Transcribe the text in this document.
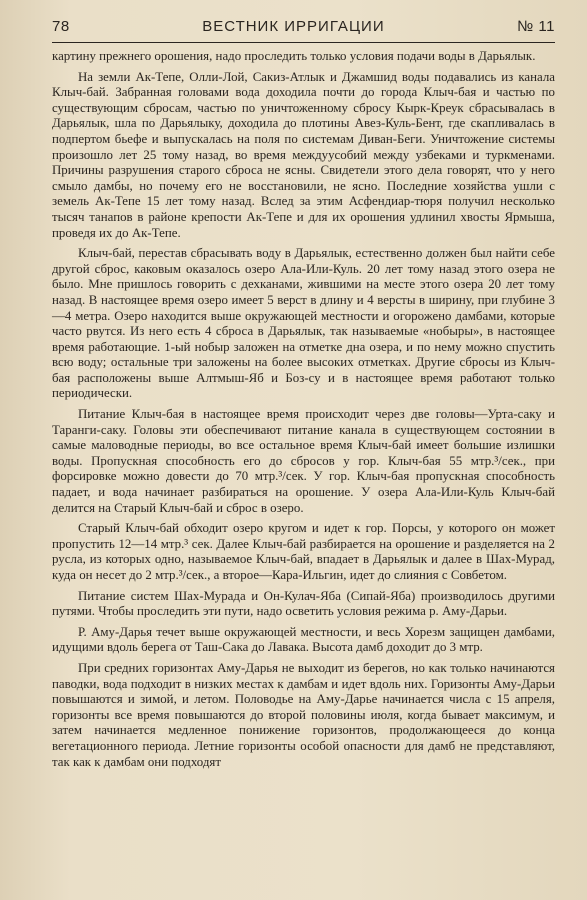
78	ВЕСТНИК ИРРИГАЦИИ	№ 11

картину прежнего орошения, надо проследить только условия подачи воды в Дарьялык.

На земли Ак-Тепе, Олли-Лой, Сакиз-Атлык и Джамшид воды подавались из канала Клыч-бай. Забранная головами вода доходила почти до города Клыч-бая и частью по существующим сбросам, частью по уничтоженному сбросу Кырк-Креук сбрасывалась в Дарьялык, шла по Дарьялыку, доходила до плотины Авез-Куль-Бент, где скапливалась в подпертом бьефе и выпускалась на поля по системам Диван-Беги. Уничтожение системы произошло лет 25 тому назад, во время междуусобий между узбеками и туркменами. Причины разрушения старого сброса не ясны. Свидетели этого дела говорят, что у него смыло дамбы, но почему его не восстановили, не ясно. Последние хозяйства ушли с земель Ак-Тепе 15 лет тому назад. Вслед за этим Асфендиар-тюря получил несколько тысяч танапов в районе крепости Ак-Тепе и для их орошения удлинил хвосты Ярмыша, проведя их до Ак-Тепе.

Клыч-бай, перестав сбрасывать воду в Дарьялык, естественно должен был найти себе другой сброс, каковым оказалось озеро Ала-Или-Куль. 20 лет тому назад этого озера не было. Мне пришлось говорить с дехканами, жившими на месте этого озера 20 лет тому назад. В настоящее время озеро имеет 5 верст в длину и 4 версты в ширину, при глубине 3—4 метра. Озеро находится выше окружающей местности и огорожено дамбами, которые часто рвутся. Из него есть 4 сброса в Дарьялык, так называемые «нобыры», в настоящее время работающие. 1-ый нобыр заложен на отметке дна озера, и по нему можно спустить всю воду; остальные три заложены на более высоких отметках. Другие сбросы из Клыч-бая расположены выше Алтмыш-Яб и Боз-су и в настоящее время работают только периодически.

Питание Клыч-бая в настоящее время происходит через две головы—Урта-саку и Таранги-саку. Головы эти обеспечивают питание канала в существующем состоянии в самые маловодные периоды, во все остальное время Клыч-бай имеет большие излишки воды. Пропускная способность его до сбросов у гор. Клыч-бая 55 мтр.³/сек., при форсировке можно довести до 70 мтр.³/сек. У гор. Клыч-бая пропускная способность падает, и вода начинает разбираться на орошение. У озера Ала-Или-Куль Клыч-бай делится на Старый Клыч-бай и сброс в озеро.

Старый Клыч-бай обходит озеро кругом и идет к гор. Порсы, у которого он может пропустить 12—14 мтр.³ сек. Далее Клыч-бай разбирается на орошение и разделяется на 2 русла, из которых одно, называемое Клыч-бай, впадает в Дарьялык и далее в Шах-Мурад, куда он несет до 2 мтр.³/сек., а второе—Кара-Ильгин, идет до слияния с Совбетом.

Питание систем Шах-Мурада и Он-Кулач-Яба (Сипай-Яба) производилось другими путями. Чтобы проследить эти пути, надо осветить условия режима р. Аму-Дарьи.

Р. Аму-Дарья течет выше окружающей местности, и весь Хорезм защищен дамбами, идущими вдоль берега от Таш-Сака до Лавака. Высота дамб доходит до 3 мтр.

При средних горизонтах Аму-Дарья не выходит из берегов, но как только начинаются паводки, вода подходит в низких местах к дамбам и идет вдоль них. Горизонты Аму-Дарьи повышаются и зимой, и летом. Половодье на Аму-Дарье начинается числа с 15 апреля, горизонты все время повышаются до второй половины июля, когда бывает максимум, и затем начинается медленное понижение горизонтов, продолжающееся до конца вегетационного периода. Летние горизонты особой опасности для дамб не представляют, так как к дамбам они подходят
